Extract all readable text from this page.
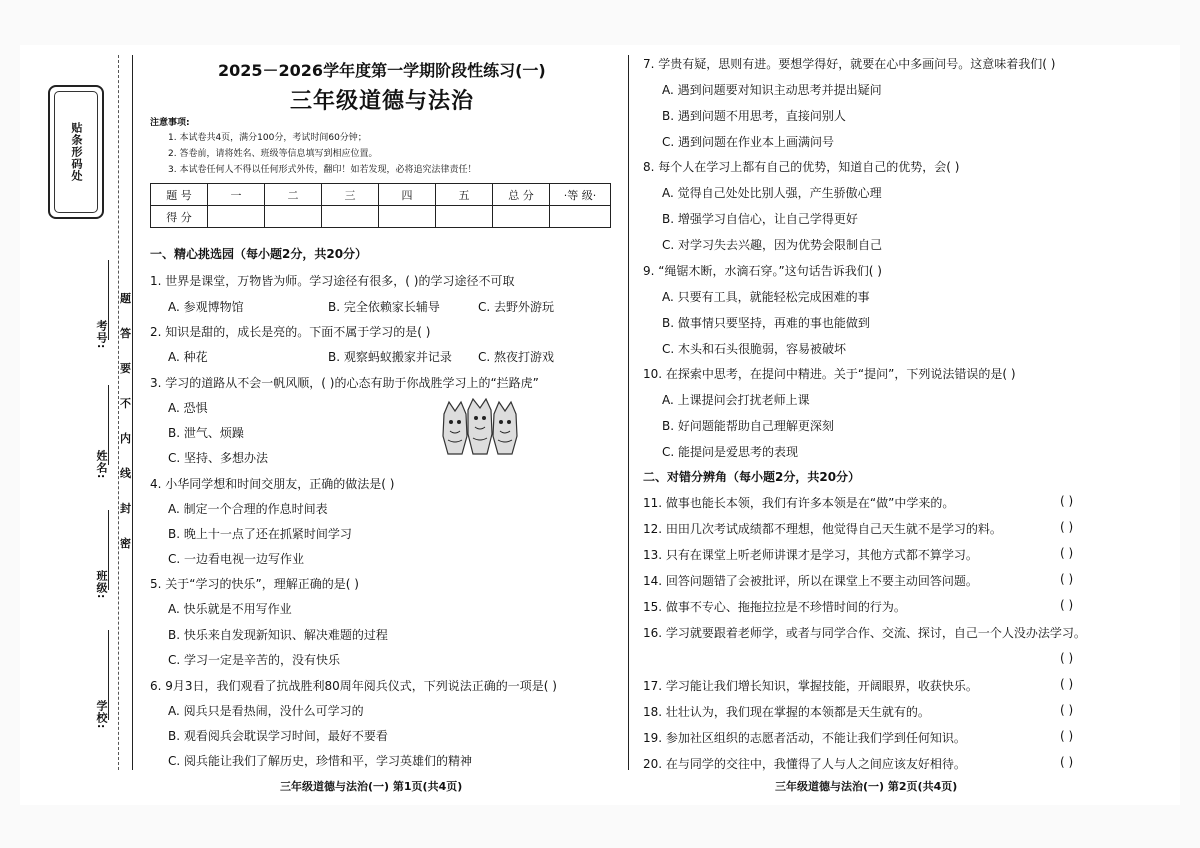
贴条形码处
题
答
要
不
内
线
封
密
考号:
姓名:
班级:
学校:
2025－2026学年度第一学期阶段性练习(一)
三年级道德与法治
注意事项:
1. 本试卷共4页，满分100分，考试时间60分钟；
2. 答卷前，请将姓名、班级等信息填写到相应位置。
3. 本试卷任何人不得以任何形式外传，翻印！如若发现，必将追究法律责任！
题 号	一	二	三	四	五	总 分	·等 级·
得 分							
一、精心挑选园（每小题2分，共20分）
1. 世界是课堂，万物皆为师。学习途径有很多，( )的学习途径不可取
A. 参观博物馆	B. 完全依赖家长辅导	C. 去野外游玩
2. 知识是甜的，成长是亮的。下面不属于学习的是( )
A. 种花	B. 观察蚂蚁搬家并记录 C. 熬夜打游戏
3. 学习的道路从不会一帆风顺，( )的心态有助于你战胜学习上的“拦路虎”
A. 恐惧
B. 泄气、烦躁
C. 坚持、多想办法
4. 小华同学想和时间交朋友，正确的做法是( )
A. 制定一个合理的作息时间表
B. 晚上十一点了还在抓紧时间学习
C. 一边看电视一边写作业
5. 关于“学习的快乐”，理解正确的是( )
A. 快乐就是不用写作业
B. 快乐来自发现新知识、解决难题的过程
C. 学习一定是辛苦的，没有快乐
6. 9月3日，我们观看了抗战胜利80周年阅兵仪式，下列说法正确的一项是( )
A. 阅兵只是看热闹，没什么可学习的
B. 观看阅兵会耽误学习时间，最好不要看
C. 阅兵能让我们了解历史，珍惜和平，学习英雄们的精神
三年级道德与法治(一) 第1页(共4页)
7. 学贵有疑，思则有进。要想学得好，就要在心中多画问号。这意味着我们( )
A. 遇到问题要对知识主动思考并提出疑问
B. 遇到问题不用思考，直接问别人
C. 遇到问题在作业本上画满问号
8. 每个人在学习上都有自己的优势，知道自己的优势，会( )
A. 觉得自己处处比别人强，产生骄傲心理
B. 增强学习自信心，让自己学得更好
C. 对学习失去兴趣，因为优势会限制自己
9. “绳锯木断，水滴石穿。”这句话告诉我们( )
A. 只要有工具，就能轻松完成困难的事
B. 做事情只要坚持，再难的事也能做到
C. 木头和石头很脆弱，容易被破坏
10. 在探索中思考，在提问中精进。关于“提问”，下列说法错误的是( )
A. 上课提问会打扰老师上课
B. 好问题能帮助自己理解更深刻
C. 能提问是爱思考的表现
二、对错分辨角（每小题2分，共20分）
11. 做事也能长本领，我们有许多本领是在“做”中学来的。	( )
12. 田田几次考试成绩都不理想，他觉得自己天生就不是学习的料。	( )
13. 只有在课堂上听老师讲课才是学习，其他方式都不算学习。	( )
14. 回答问题错了会被批评，所以在课堂上不要主动回答问题。	( )
15. 做事不专心、拖拖拉拉是不珍惜时间的行为。	( )
16. 学习就要跟着老师学，或者与同学合作、交流、探讨，自己一个人没办法学习。
( )
17. 学习能让我们增长知识，掌握技能，开阔眼界，收获快乐。	( )
18. 壮壮认为，我们现在掌握的本领都是天生就有的。	( )
19. 参加社区组织的志愿者活动，不能让我们学到任何知识。	( )
20. 在与同学的交往中，我懂得了人与人之间应该友好相待。	( )
三年级道德与法治(一) 第2页(共4页)
